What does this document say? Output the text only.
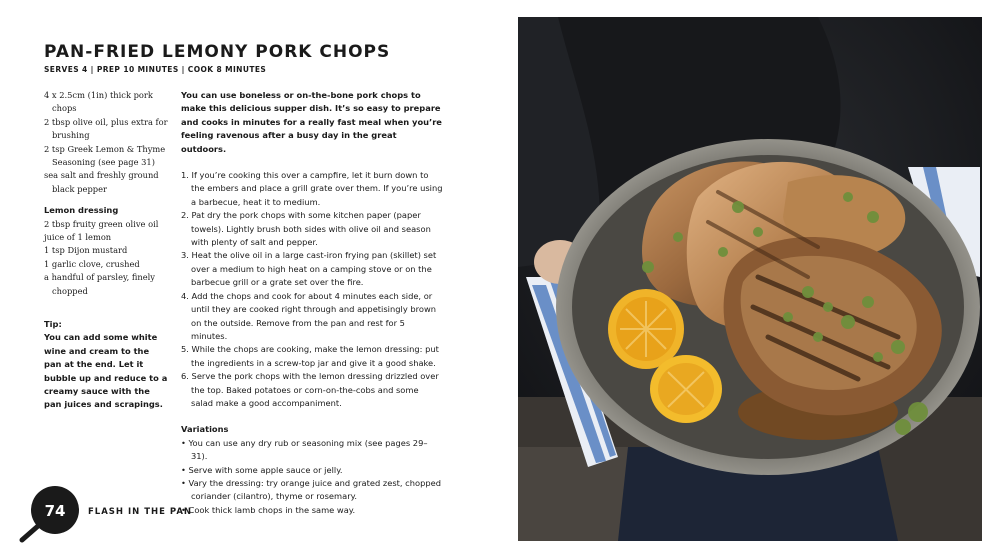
PAN-FRIED LEMONY PORK CHOPS
SERVES 4 | PREP 10 MINUTES | COOK 8 MINUTES
4 x 2.5cm (1in) thick pork chops
2 tbsp olive oil, plus extra for brushing
2 tsp Greek Lemon & Thyme Seasoning (see page 31)
sea salt and freshly ground black pepper
Lemon dressing
2 tbsp fruity green olive oil
juice of 1 lemon
1 tsp Dijon mustard
1 garlic clove, crushed
a handful of parsley, finely chopped
Tip:
You can add some white wine and cream to the pan at the end. Let it bubble up and reduce to a creamy sauce with the pan juices and scrapings.
You can use boneless or on-the-bone pork chops to make this delicious supper dish. It’s so easy to prepare and cooks in minutes for a really fast meal when you’re feeling ravenous after a busy day in the great outdoors.
1. If you’re cooking this over a campfire, let it burn down to the embers and place a grill grate over them. If you’re using a barbecue, heat it to medium.
2. Pat dry the pork chops with some kitchen paper (paper towels). Lightly brush both sides with olive oil and season with plenty of salt and pepper.
3. Heat the olive oil in a large cast-iron frying pan (skillet) set over a medium to high heat on a camping stove or on the barbecue grill or a grate set over the fire.
4. Add the chops and cook for about 4 minutes each side, or until they are cooked right through and appetisingly brown on the outside. Remove from the pan and rest for 5 minutes.
5. While the chops are cooking, make the lemon dressing: put the ingredients in a screw-top jar and give it a good shake.
6. Serve the pork chops with the lemon dressing drizzled over the top. Baked potatoes or corn-on-the-cobs and some salad make a good accompaniment.
Variations
• You can use any dry rub or seasoning mix (see pages 29–31).
• Serve with some apple sauce or jelly.
• Vary the dressing: try orange juice and grated zest, chopped coriander (cilantro), thyme or rosemary.
• Cook thick lamb chops in the same way.
74	FLASH IN THE PAN
